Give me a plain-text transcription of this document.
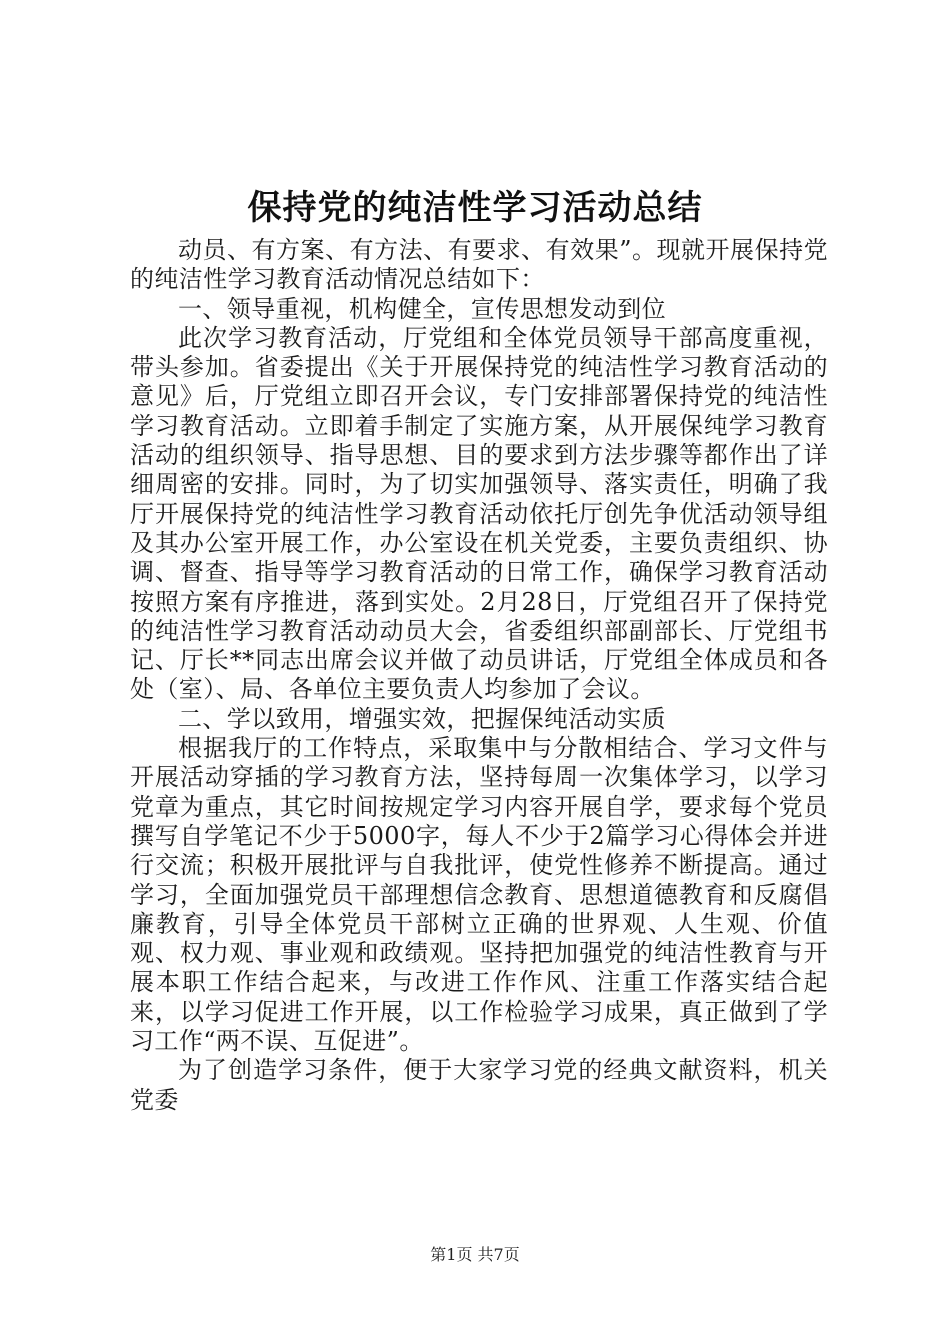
保持党的纯洁性学习活动总结

动员、有方案、有方法、有要求、有效果”。现就开展保持党的纯洁性学习教育活动情况总结如下：

一、领导重视，机构健全，宣传思想发动到位

此次学习教育活动，厅党组和全体党员领导干部高度重视，带头参加。省委提出《关于开展保持党的纯洁性学习教育活动的意见》后，厅党组立即召开会议，专门安排部署保持党的纯洁性学习教育活动。立即着手制定了实施方案，从开展保纯学习教育活动的组织领导、指导思想、目的要求到方法步骤等都作出了详细周密的安排。同时，为了切实加强领导、落实责任，明确了我厅开展保持党的纯洁性学习教育活动依托厅创先争优活动领导组及其办公室开展工作，办公室设在机关党委，主要负责组织、协调、督查、指导等学习教育活动的日常工作，确保学习教育活动按照方案有序推进，落到实处。2月28日，厅党组召开了保持党的纯洁性学习教育活动动员大会，省委组织部副部长、厅党组书记、厅长**同志出席会议并做了动员讲话，厅党组全体成员和各处（室）、局、各单位主要负责人均参加了会议。

二、学以致用，增强实效，把握保纯活动实质

根据我厅的工作特点，采取集中与分散相结合、学习文件与开展活动穿插的学习教育方法，坚持每周一次集体学习，以学习党章为重点，其它时间按规定学习内容开展自学，要求每个党员撰写自学笔记不少于5000字，每人不少于2篇学习心得体会并进行交流；积极开展批评与自我批评，使党性修养不断提高。通过学习，全面加强党员干部理想信念教育、思想道德教育和反腐倡廉教育，引导全体党员干部树立正确的世界观、人生观、价值观、权力观、事业观和政绩观。坚持把加强党的纯洁性教育与开展本职工作结合起来，与改进工作作风、注重工作落实结合起来，以学习促进工作开展，以工作检验学习成果，真正做到了学习工作“两不误、互促进”。

为了创造学习条件，便于大家学习党的经典文献资料，机关党委

第1页 共7页
